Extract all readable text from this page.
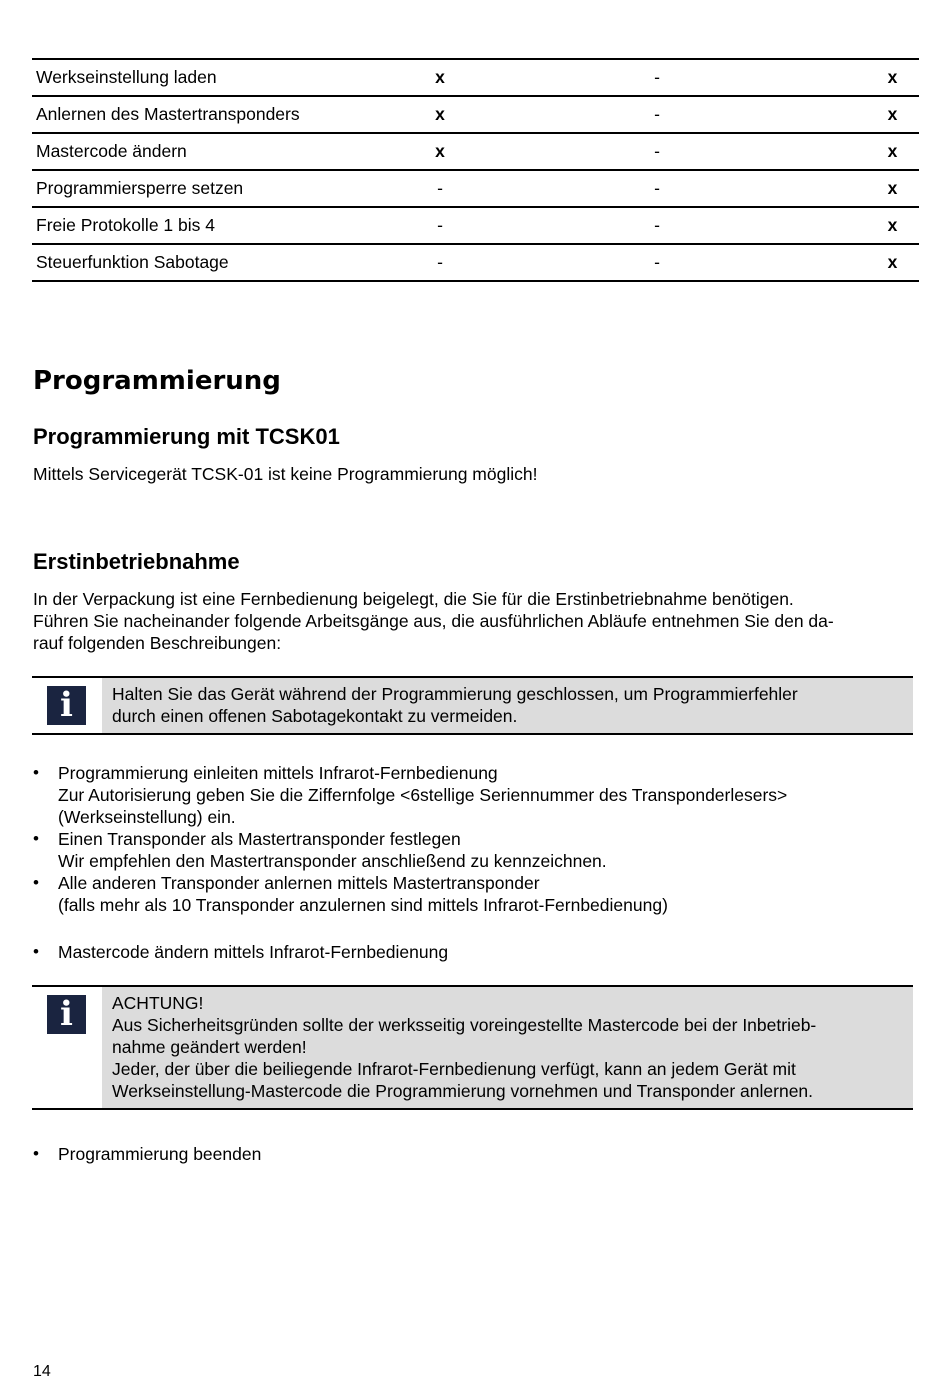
Werkseinstellung laden	x	-	x
Anlernen des Mastertransponders	x	-	x
Mastercode ändern	x	-	x
Programmiersperre setzen	-	-	x
Freie Protokolle 1 bis 4	-	-	x
Steuerfunktion Sabotage	-	-	x
Programmierung
Programmierung mit TCSK01

Mittels Servicegerät TCSK-01 ist keine Programmierung möglich!

Erstinbetriebnahme

In der Verpackung ist eine Fernbedienung beigelegt, die Sie für die Erstinbetriebnahme benötigen.
Führen Sie nacheinander folgende Arbeitsgänge aus, die ausführlichen Abläufe entnehmen Sie den da-
rauf folgenden Beschreibungen:

i	Halten Sie das Gerät während der Programmierung geschlossen, um Programmierfehler
durch einen offenen Sabotagekontakt zu vermeiden.
• Programmierung einleiten mittels Infrarot-Fernbedienung
Zur Autorisierung geben Sie die Ziffernfolge <6stellige Seriennummer des Transponderlesers>
(Werkseinstellung) ein.
• Einen Transponder als Mastertransponder festlegen
Wir empfehlen den Mastertransponder anschließend zu kennzeichnen.
• Alle anderen Transponder anlernen mittels Mastertransponder
(falls mehr als 10 Transponder anzulernen sind mittels Infrarot-Fernbedienung)
• Mastercode ändern mittels Infrarot-Fernbedienung
i	ACHTUNG!
Aus Sicherheitsgründen sollte der werksseitig voreingestellte Mastercode bei der Inbetrieb-
nahme geändert werden!
Jeder, der über die beiliegende Infrarot-Fernbedienung verfügt, kann an jedem Gerät mit
Werkseinstellung-Mastercode die Programmierung vornehmen und Transponder anlernen.
• Programmierung beenden
14
